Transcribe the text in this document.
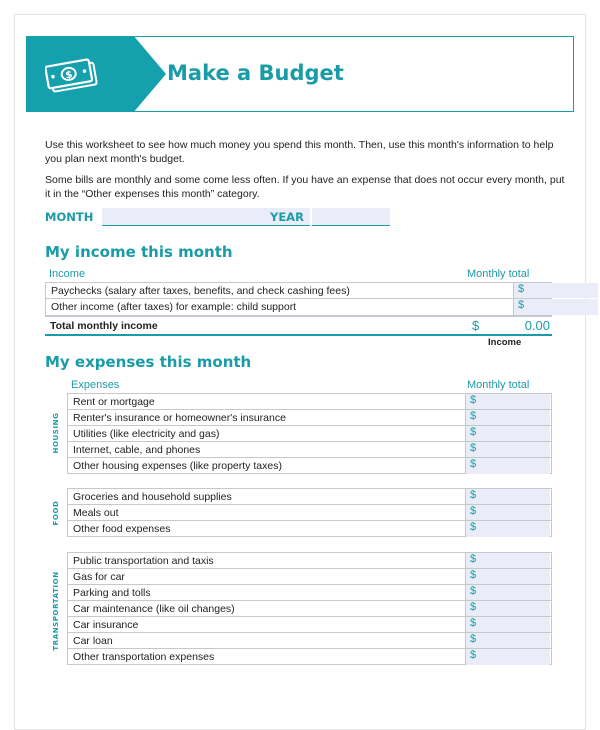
$	Make a Budget
Use this worksheet to see how much money you spend this month. Then, use this month's information to help you plan next month's budget.
Some bills are monthly and some come less often. If you have an expense that does not occur every month, put it in the “Other expenses this month” category.
MONTH	YEAR
My income this month
Income	Monthly total
Paychecks (salary after taxes, benefits, and check cashing fees)	$
Other income (after taxes) for example: child support	$
Total monthly income	$	0.00
Income
My expenses this month
Expenses	Monthly total
HOUSING
Rent or mortgage	$
Renter's insurance or homeowner's insurance	$
Utilities (like electricity and gas)	$
Internet, cable, and phones	$
Other housing expenses (like property taxes)	$
FOOD
Groceries and household supplies	$
Meals out	$
Other food expenses	$
TRANSPORTATION
Public transportation and taxis	$
Gas for car	$
Parking and tolls	$
Car maintenance (like oil changes)	$
Car insurance	$
Car loan	$
Other transportation expenses	$
